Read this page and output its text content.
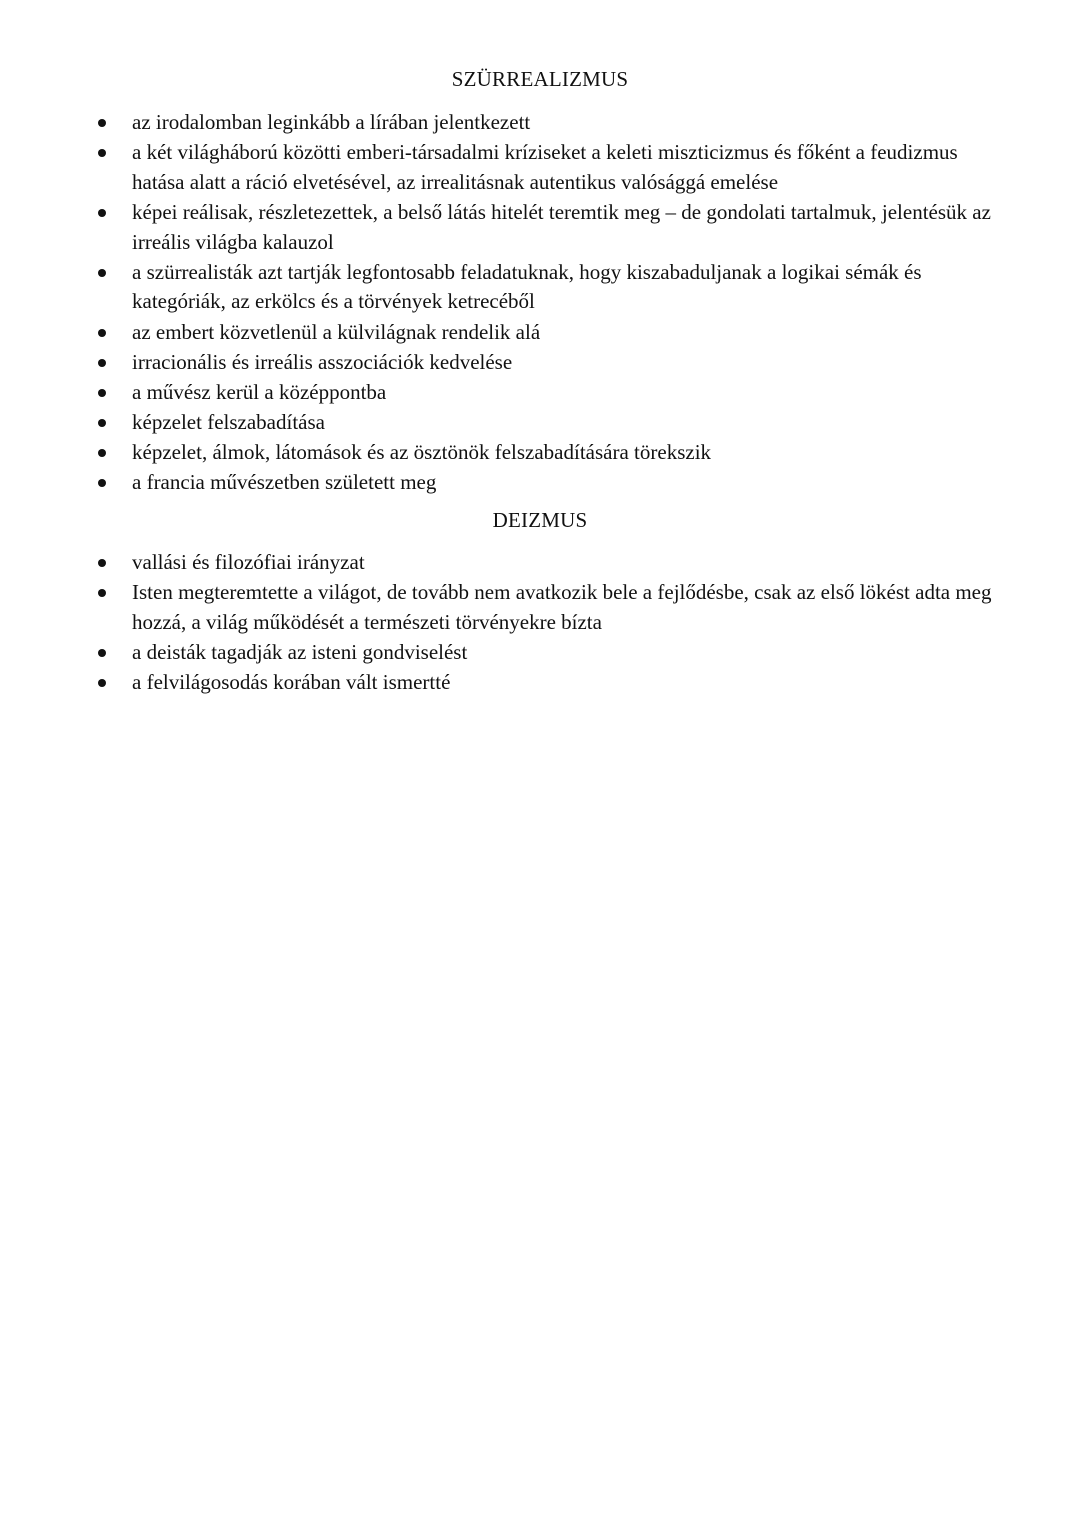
SZÜRREALIZMUS
az irodalomban leginkább a lírában jelentkezett
a két világháború közötti emberi-társadalmi kríziseket a keleti miszticizmus és főként a feudizmus hatása alatt a ráció elvetésével, az irrealitásnak autentikus valósággá emelése
képei reálisak, részletezettek, a belső látás hitelét teremtik meg – de gondolati tartalmuk, jelentésük az irreális világba kalauzol
a szürrealisták azt tartják legfontosabb feladatuknak, hogy kiszabaduljanak a logikai sémák és kategóriák, az erkölcs és a törvények ketrecéből
az embert közvetlenül a külvilágnak rendelik alá
irracionális és irreális asszociációk kedvelése
a művész kerül a középpontba
képzelet felszabadítása
képzelet, álmok, látomások és az ösztönök felszabadítására törekszik
a francia művészetben született meg
DEIZMUS
vallási és filozófiai irányzat
Isten megteremtette a világot, de tovább nem avatkozik bele a fejlődésbe, csak az első lökést adta meg hozzá, a világ működését a természeti törvényekre bízta
a deisták tagadják az isteni gondviselést
a felvilágosodás korában vált ismertté
